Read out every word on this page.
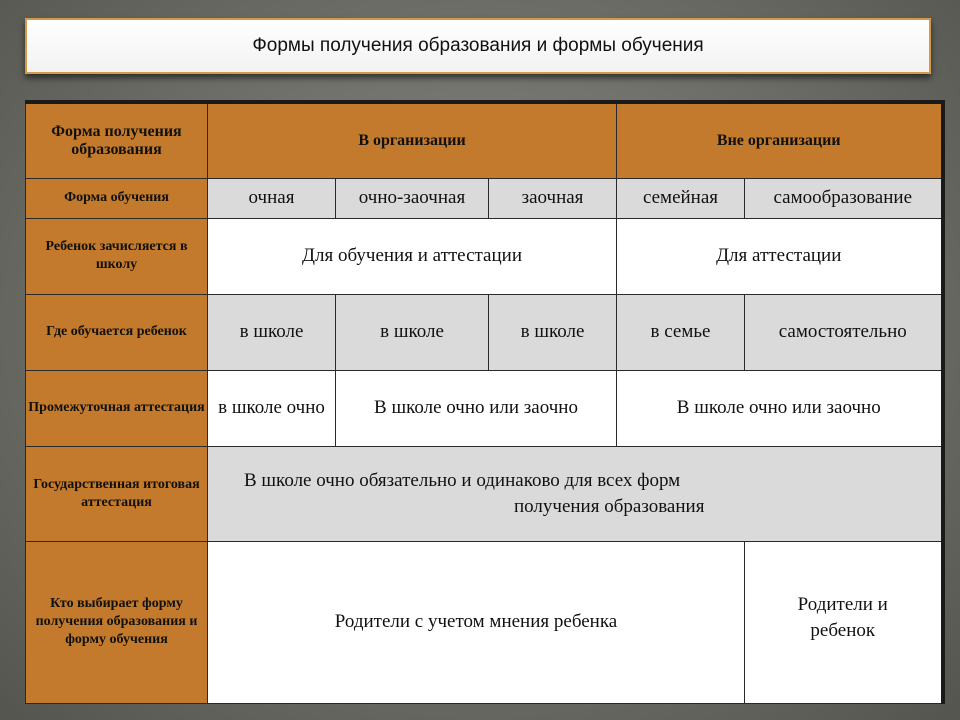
Формы получения образования и формы обучения
Форма получения образования	В организации			Вне организации	
Форма обучения	очная	очно-заочная	заочная	семейная	самообразование
Ребенок зачисляется в школу	Для обучения и аттестации			Для аттестации	
Где обучается ребенок	в школе	в школе	в школе	в семье	самостоятельно
Промежуточная аттестация	в школе очно	В школе очно или заочно		В школе очно или заочно	
Государственная итоговая аттестация	В школе очно обязательно и одинаково для всех форм
получения образования				

Кто выбирает форму получения образования и форму обучения	Родители с учетом мнения ребенка				Родители и ребенок
